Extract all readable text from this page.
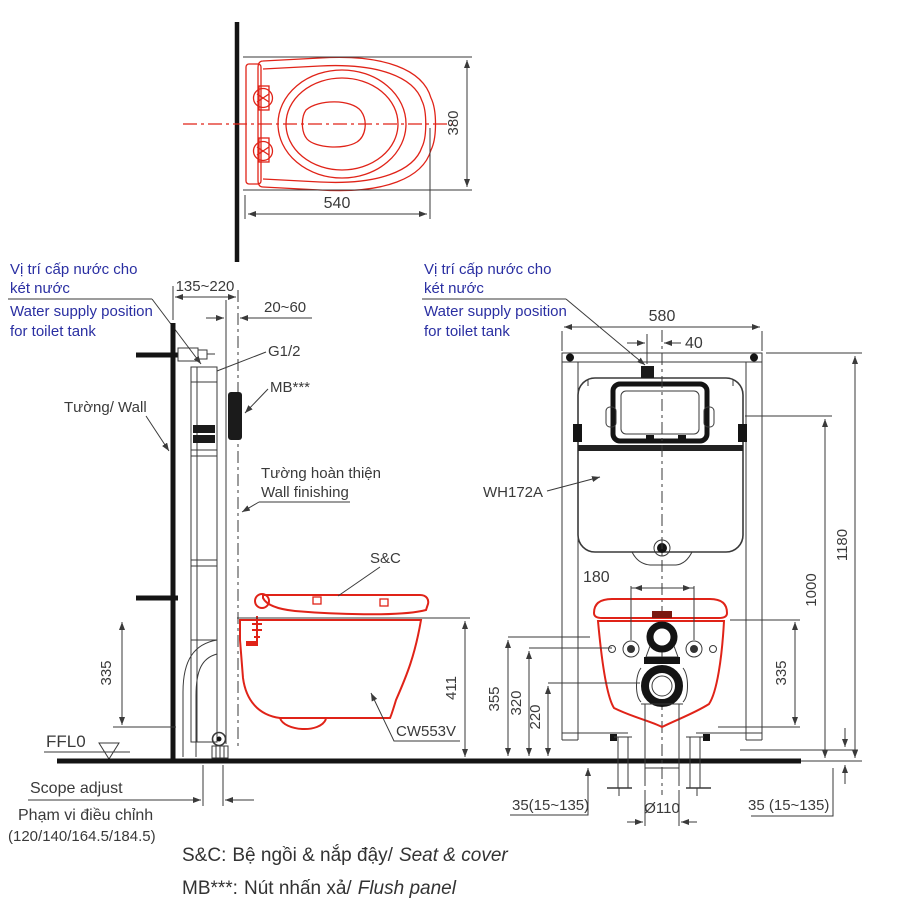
380
540
Vị trí cấp nước cho
két nước
Water supply position
for toilet tank
135~220
20~60
G1/2
MB***
Tường/ Wall
Tường hoàn thiện
Wall finishing
S&C
CW553V
411
335
FFL0
Scope adjust
Phạm vi điều chỉnh
(120/140/164.5/184.5)
Vị trí cấp nước cho
két nước
Water supply position
for toilet tank
580
40
WH172A
180
355 320
220
335
1000
1180
35 (15~135)
35(15~135)	Ø110
S&C: Bệ ngồi & nắp đậy/ Seat & cover
MB***: Nút nhấn xả/ Flush panel
